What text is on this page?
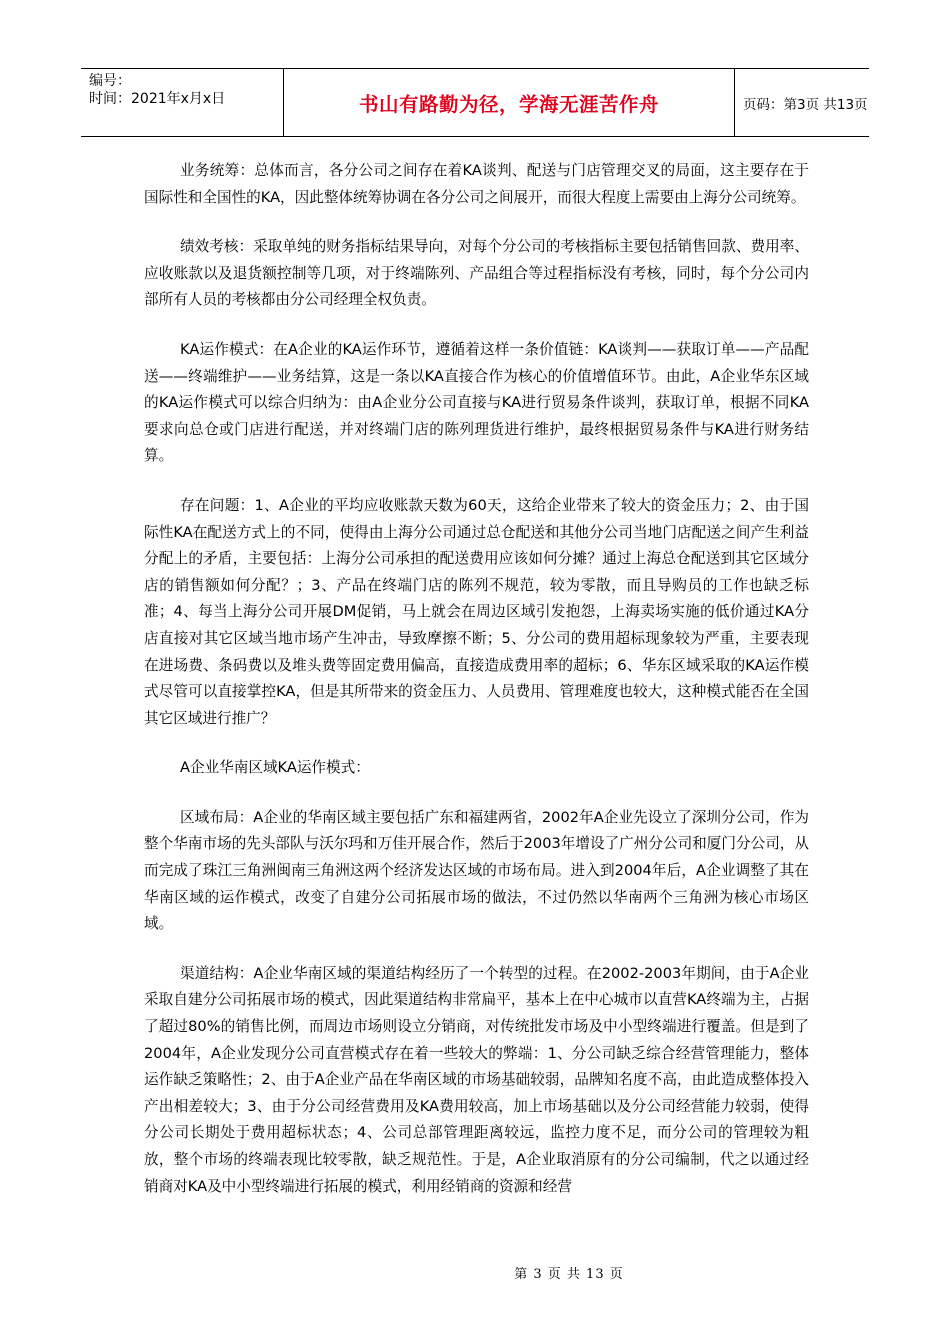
编号：
时间：2021年x月x日	书山有路勤为径，学海无涯苦作舟	页码：第3页 共13页

业务统筹：总体而言，各分公司之间存在着KA谈判、配送与门店管理交叉的局面，这主要存在于国际性和全国性的KA，因此整体统筹协调在各分公司之间展开，而很大程度上需要由上海分公司统筹。

绩效考核：采取单纯的财务指标结果导向，对每个分公司的考核指标主要包括销售回款、费用率、应收账款以及退货额控制等几项，对于终端陈列、产品组合等过程指标没有考核，同时，每个分公司内部所有人员的考核都由分公司经理全权负责。

KA运作模式：在A企业的KA运作环节，遵循着这样一条价值链：KA谈判——获取订单——产品配送——终端维护——业务结算，这是一条以KA直接合作为核心的价值增值环节。由此，A企业华东区域的KA运作模式可以综合归纳为：由A企业分公司直接与KA进行贸易条件谈判，获取订单，根据不同KA要求向总仓或门店进行配送，并对终端门店的陈列理货进行维护，最终根据贸易条件与KA进行财务结算。

存在问题：1、A企业的平均应收账款天数为60天，这给企业带来了较大的资金压力；2、由于国际性KA在配送方式上的不同，使得由上海分公司通过总仓配送和其他分公司当地门店配送之间产生利益分配上的矛盾，主要包括：上海分公司承担的配送费用应该如何分摊？通过上海总仓配送到其它区域分店的销售额如何分配？；3、产品在终端门店的陈列不规范，较为零散，而且导购员的工作也缺乏标准；4、每当上海分公司开展DM促销，马上就会在周边区域引发抱怨，上海卖场实施的低价通过KA分店直接对其它区域当地市场产生冲击，导致摩擦不断；5、分公司的费用超标现象较为严重，主要表现在进场费、条码费以及堆头费等固定费用偏高，直接造成费用率的超标；6、华东区域采取的KA运作模式尽管可以直接掌控KA，但是其所带来的资金压力、人员费用、管理难度也较大，这种模式能否在全国其它区域进行推广？

A企业华南区域KA运作模式：

区域布局：A企业的华南区域主要包括广东和福建两省，2002年A企业先设立了深圳分公司，作为整个华南市场的先头部队与沃尔玛和万佳开展合作，然后于2003年增设了广州分公司和厦门分公司，从而完成了珠江三角洲闽南三角洲这两个经济发达区域的市场布局。进入到2004年后，A企业调整了其在华南区域的运作模式，改变了自建分公司拓展市场的做法，不过仍然以华南两个三角洲为核心市场区域。

渠道结构：A企业华南区域的渠道结构经历了一个转型的过程。在2002-2003年期间，由于A企业采取自建分公司拓展市场的模式，因此渠道结构非常扁平，基本上在中心城市以直营KA终端为主，占据了超过80%的销售比例，而周边市场则设立分销商，对传统批发市场及中小型终端进行覆盖。但是到了2004年，A企业发现分公司直营模式存在着一些较大的弊端：1、分公司缺乏综合经营管理能力，整体运作缺乏策略性；2、由于A企业产品在华南区域的市场基础较弱，品牌知名度不高，由此造成整体投入产出相差较大；3、由于分公司经营费用及KA费用较高，加上市场基础以及分公司经营能力较弱，使得分公司长期处于费用超标状态；4、公司总部管理距离较远，监控力度不足，而分公司的管理较为粗放，整个市场的终端表现比较零散，缺乏规范性。于是，A企业取消原有的分公司编制，代之以通过经销商对KA及中小型终端进行拓展的模式，利用经销商的资源和经营

第 3 页 共 13 页
